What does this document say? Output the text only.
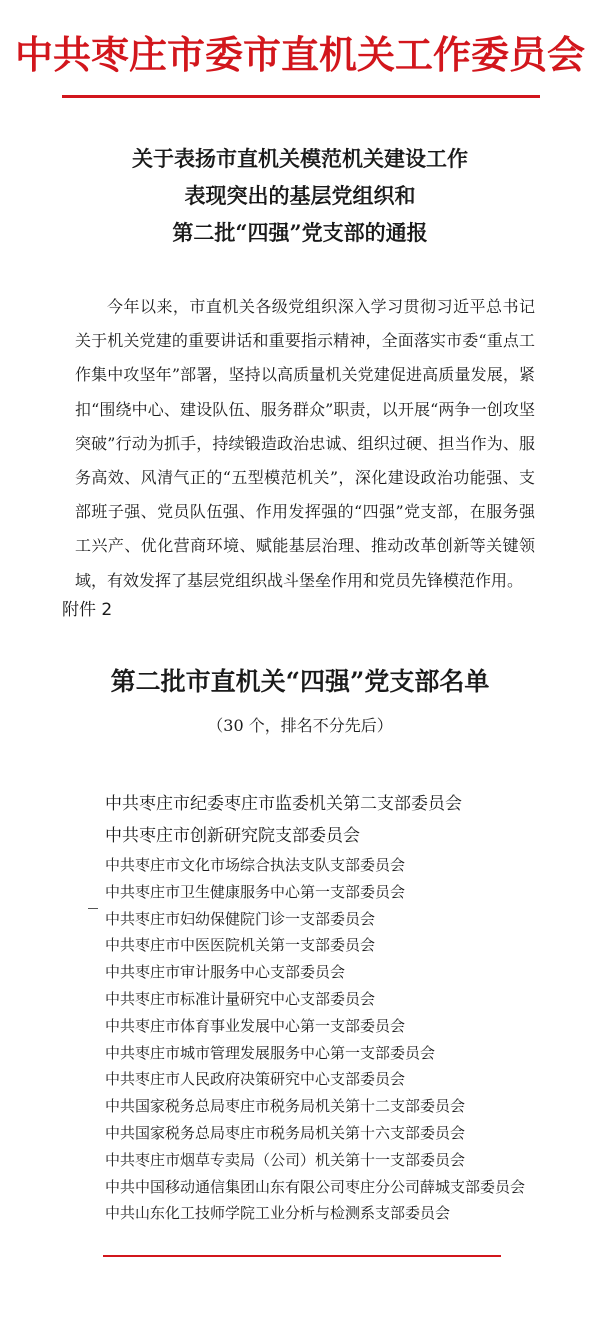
中共枣庄市委市直机关工作委员会
关于表扬市直机关模范机关建设工作
表现突出的基层党组织和
第二批“四强”党支部的通报

今年以来，市直机关各级党组织深入学习贯彻习近平总书记关于机关党建的重要讲话和重要指示精神，全面落实市委“重点工作集中攻坚年”部署，坚持以高质量机关党建促进高质量发展，紧扣“围绕中心、建设队伍、服务群众”职责，以开展“两争一创攻坚突破”行动为抓手，持续锻造政治忠诚、组织过硬、担当作为、服务高效、风清气正的“五型模范机关”，深化建设政治功能强、支部班子强、党员队伍强、作用发挥强的“四强”党支部，在服务强工兴产、优化营商环境、赋能基层治理、推动改革创新等关键领域，有效发挥了基层党组织战斗堡垒作用和党员先锋模范作用。

附件 2
第二批市直机关“四强”党支部名单
（30 个，排名不分先后）
中共枣庄市纪委枣庄市监委机关第二支部委员会
中共枣庄市创新研究院支部委员会
中共枣庄市文化市场综合执法支队支部委员会
中共枣庄市卫生健康服务中心第一支部委员会
中共枣庄市妇幼保健院门诊一支部委员会
中共枣庄市中医医院机关第一支部委员会
中共枣庄市审计服务中心支部委员会
中共枣庄市标准计量研究中心支部委员会
中共枣庄市体育事业发展中心第一支部委员会
中共枣庄市城市管理发展服务中心第一支部委员会
中共枣庄市人民政府决策研究中心支部委员会
中共国家税务总局枣庄市税务局机关第十二支部委员会
中共国家税务总局枣庄市税务局机关第十六支部委员会
中共枣庄市烟草专卖局（公司）机关第十一支部委员会
中共中国移动通信集团山东有限公司枣庄分公司薛城支部委员会
中共山东化工技师学院工业分析与检测系支部委员会
